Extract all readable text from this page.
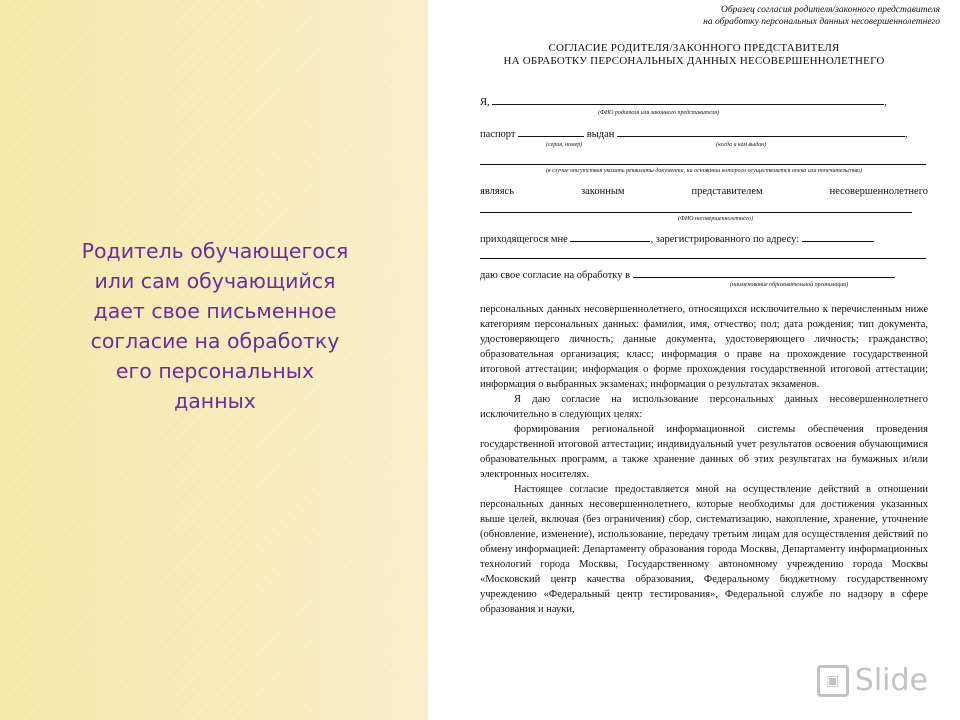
Родитель обучающегося
или сам обучающийся
дает свое письменное
согласие на обработку
его персональных
данных
Образец согласия родителя/законного представителя
на обработку персональных данных несовершеннолетнего
СОГЛАСИЕ РОДИТЕЛЯ/ЗАКОННОГО ПРЕДСТАВИТЕЛЯ
НА ОБРАБОТКУ ПЕРСОНАЛЬНЫХ ДАННЫХ НЕСОВЕРШЕННОЛЕТНЕГО
Я,	,
(ФИО родителя или законного представителя)
паспорт	выдан	,
(серия, номер)	(когда и кем выдан)
(в случае отсутствия указать реквизиты документа, на основании которого осуществляется опека или попечительство)
являясь	законным	представителем	несовершеннолетнего
(ФИО несовершеннолетнего)
приходящегося мне	, зарегистрированного по адресу:
даю свое согласие на обработку в
(наименование образовательной организации)

персональных данных несовершеннолетнего, относящихся исключительно к перечисленным ниже категориям персональных данных: фамилия, имя, отчество; пол; дата рождения; тип документа, удостоверяющего личность; данные документа, удостоверяющего личность; гражданство; образовательная организация; класс; информация о праве на прохождение государственной итоговой аттестации; информация о форме прохождения государственной итоговой аттестации; информация о выбранных экзаменах; информация о результатах экзаменов.

Я даю согласие на использование персональных данных несовершеннолетнего исключительно в следующих целях:

формирования региональной информационной системы обеспечения проведения государственной итоговой аттестации; индивидуальный учет результатов освоения обучающимися образовательных программ, а также хранение данных об этих результатах на бумажных и/или электронных носителях.

Настоящее согласие предоставляется мной на осуществление действий в отношении персональных данных несовершеннолетнего, которые необходимы для достижения указанных выше целей, включая (без ограничения) сбор, систематизацию, накопление, хранение, уточнение (обновление, изменение), использование, передачу третьим лицам для осуществления действий по обмену информацией: Департаменту образования города Москвы, Департаменту информационных технологий города Москвы, Государственному автономному учреждению города Москвы «Московский центр качества образования, Федеральному бюджетному государственному учреждению «Федеральный центр тестирования», Федеральной службе по надзору в сфере образования и науки,

▣ Slide
